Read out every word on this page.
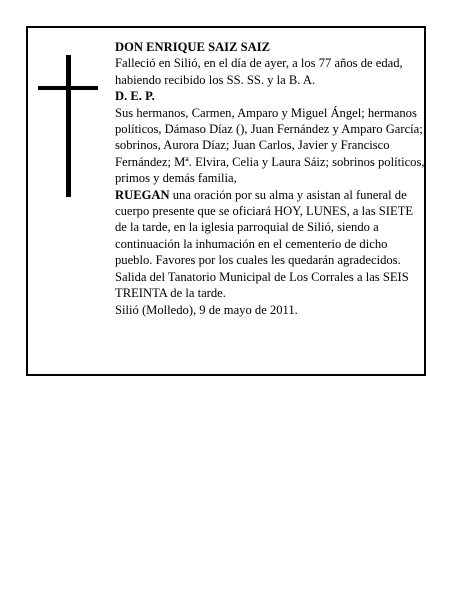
DON ENRIQUE SAIZ SAIZ

Falleció en Silió, en el día de ayer, a los 77 años de edad, habiendo recibido los SS. SS. y la B. A.

D. E. P.

Sus hermanos, Carmen, Amparo y Miguel Ángel; hermanos políticos, Dámaso Díaz (), Juan Fernández y Amparo García; sobrinos, Aurora Díaz; Juan Carlos, Javier y Francisco Fernández; Mª. Elvira, Celia y Laura Sáiz; sobrinos políticos, primos y demás familia,

RUEGAN una oración por su alma y asistan al funeral de cuerpo presente que se oficiará HOY, LUNES, a las SIETE de la tarde, en la iglesia parroquial de Silió, siendo a continuación la inhumación en el cementerio de dicho pueblo. Favores por los cuales les quedarán agradecidos. Salida del Tanatorio Municipal de Los Corrales a las SEIS TREINTA de la tarde.

Silió (Molledo), 9 de mayo de 2011.
